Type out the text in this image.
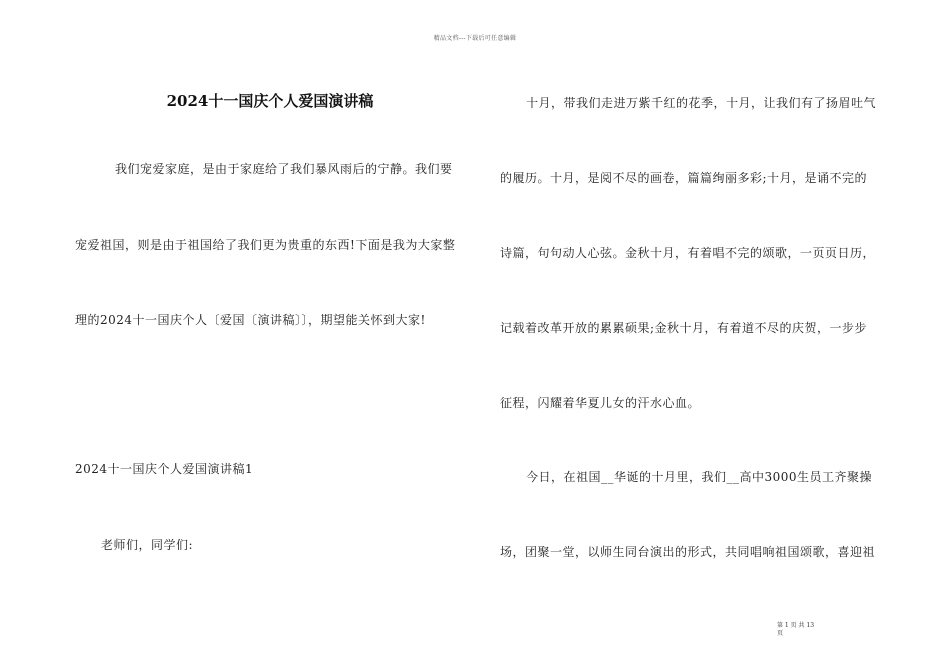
精品文档---下载后可任意编辑
2024十一国庆个人爱国演讲稿
我们宠爱家庭，是由于家庭给了我们暴风雨后的宁静。我们要
宠爱祖国，则是由于祖国给了我们更为贵重的东西!下面是我为大家整
理的2024十一国庆个人〔爱国〔演讲稿〕〕，期望能关怀到大家!
2024十一国庆个人爱国演讲稿1
老师们，同学们:
十月，带我们走进万紫千红的花季，十月，让我们有了扬眉吐气
的履历。十月，是阅不尽的画卷，篇篇绚丽多彩;十月，是诵不完的
诗篇，句句动人心弦。金秋十月，有着唱不完的颂歌，一页页日历，
记载着改革开放的累累硕果;金秋十月，有着道不尽的庆贺，一步步
征程，闪耀着华夏儿女的汗水心血。
今日，在祖国__华诞的十月里，我们__高中3000生员工齐聚操
场，团聚一堂，以师生同台演出的形式，共同唱响祖国颂歌，喜迎祖
第 1 页 共 13
页
